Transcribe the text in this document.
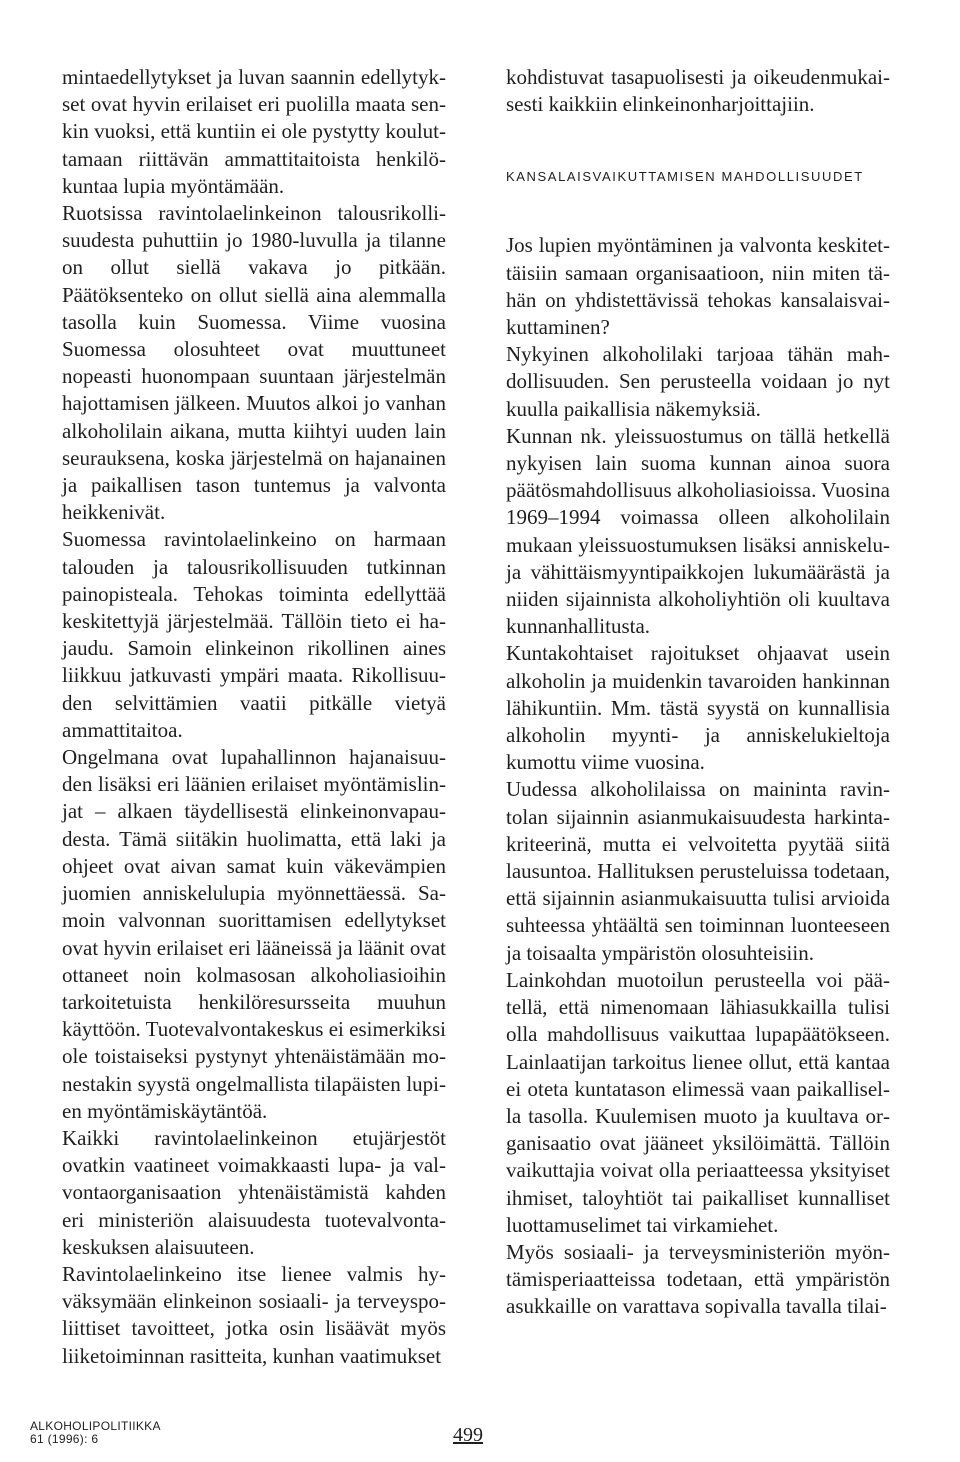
mintaedellytykset ja luvan saannin edellytykset ovat hyvin erilaiset eri puolilla maata senkin vuoksi, että kuntiin ei ole pystytty kouluttamaan riittävän ammattitaitoista henkilökuntaa lupia myöntämään.

Ruotsissa ravintolaelinkeinon talousrikollisuudesta puhuttiin jo 1980-luvulla ja tilanne on ollut siellä vakava jo pitkään. Päätöksenteko on ollut siellä aina alemmalla tasolla kuin Suomessa. Viime vuosina Suomessa olosuhteet ovat muuttuneet nopeasti huonompaan suuntaan järjestelmän hajottamisen jälkeen. Muutos alkoi jo vanhan alkoholilain aikana, mutta kiihtyi uuden lain seurauksena, koska järjestelmä on hajanainen ja paikallisen tason tuntemus ja valvonta heikkenivät.

Suomessa ravintolaelinkeino on harmaan talouden ja talousrikollisuuden tutkinnan painopisteala. Tehokas toiminta edellyttää keskitettyjä järjestelmää. Tällöin tieto ei hajaudu. Samoin elinkeinon rikollinen aines liikkuu jatkuvasti ympäri maata. Rikollisuuden selvittämien vaatii pitkälle vietyä ammattitaitoa.

Ongelmana ovat lupahallinnon hajanaisuuden lisäksi eri läänien erilaiset myöntämislinjat – alkaen täydellisestä elinkeinonvapaudesta. Tämä siitäkin huolimatta, että laki ja ohjeet ovat aivan samat kuin väkevämpien juomien anniskelulupia myönnettäessä. Samoin valvonnan suorittamisen edellytykset ovat hyvin erilaiset eri lääneissä ja läänit ovat ottaneet noin kolmasosan alkoholiasioihin tarkoitetuista henkilöresursseita muuhun käyttöön. Tuotevalvontakeskus ei esimerkiksi ole toistaiseksi pystynyt yhtenäistämään monestakin syystä ongelmallista tilapäisten lupien myöntämiskäytäntöä.

Kaikki ravintolaelinkeinon etujärjestöt ovatkin vaatineet voimakkaasti lupa- ja valvontaorganisaation yhtenäistämistä kahden eri ministeriön alaisuudesta tuotevalvontakeskuksen alaisuuteen.

Ravintolaelinkeino itse lienee valmis hyväksymään elinkeinon sosiaali- ja terveyspoliittiset tavoitteet, jotka osin lisäävät myös liiketoiminnan rasitteita, kunhan vaatimukset

kohdistuvat tasapuolisesti ja oikeudenmukaisesti kaikkiin elinkeinonharjoittajiin.

KANSALAISVAIKUTTAMISEN MAHDOLLISUUDET

Jos lupien myöntäminen ja valvonta keskitettäisiin samaan organisaatioon, niin miten tähän on yhdistettävissä tehokas kansalaisvaikuttaminen?

Nykyinen alkoholilaki tarjoaa tähän mahdollisuuden. Sen perusteella voidaan jo nyt kuulla paikallisia näkemyksiä.

Kunnan nk. yleissuostumus on tällä hetkellä nykyisen lain suoma kunnan ainoa suora päätösmahdollisuus alkoholiasioissa. Vuosina 1969–1994 voimassa olleen alkoholilain mukaan yleissuostumuksen lisäksi anniskelu- ja vähittäismyyntipaikkojen lukumäärästä ja niiden sijainnista alkoholiyhtiön oli kuultava kunnanhallitusta.

Kuntakohtaiset rajoitukset ohjaavat usein alkoholin ja muidenkin tavaroiden hankinnan lähikuntiin. Mm. tästä syystä on kunnallisia alkoholin myynti- ja anniskelukieltoja kumottu viime vuosina.

Uudessa alkoholilaissa on maininta ravintolan sijainnin asianmukaisuudesta harkintakriteerinä, mutta ei velvoitetta pyytää siitä lausuntoa. Hallituksen perusteluissa todetaan, että sijainnin asianmukaisuutta tulisi arvioida suhteessa yhtäältä sen toiminnan luonteeseen ja toisaalta ympäristön olosuhteisiin.

Lainkohdan muotoilun perusteella voi päätellä, että nimenomaan lähiasukkailla tulisi olla mahdollisuus vaikuttaa lupapäätökseen. Lainlaatijan tarkoitus lienee ollut, että kantaa ei oteta kuntatason elimessä vaan paikallisella tasolla. Kuulemisen muoto ja kuultava organisaatio ovat jääneet yksilöimättä. Tällöin vaikuttajia voivat olla periaatteessa yksityiset ihmiset, taloyhtiöt tai paikalliset kunnalliset luottamuselimet tai virkamiehet.

Myös sosiaali- ja terveysministeriön myöntämisperiaatteissa todetaan, että ympäristön asukkaille on varattava sopivalla tavalla tilai-

ALKOHOLIPOLITIIKKA
61 (1996): 6	499
